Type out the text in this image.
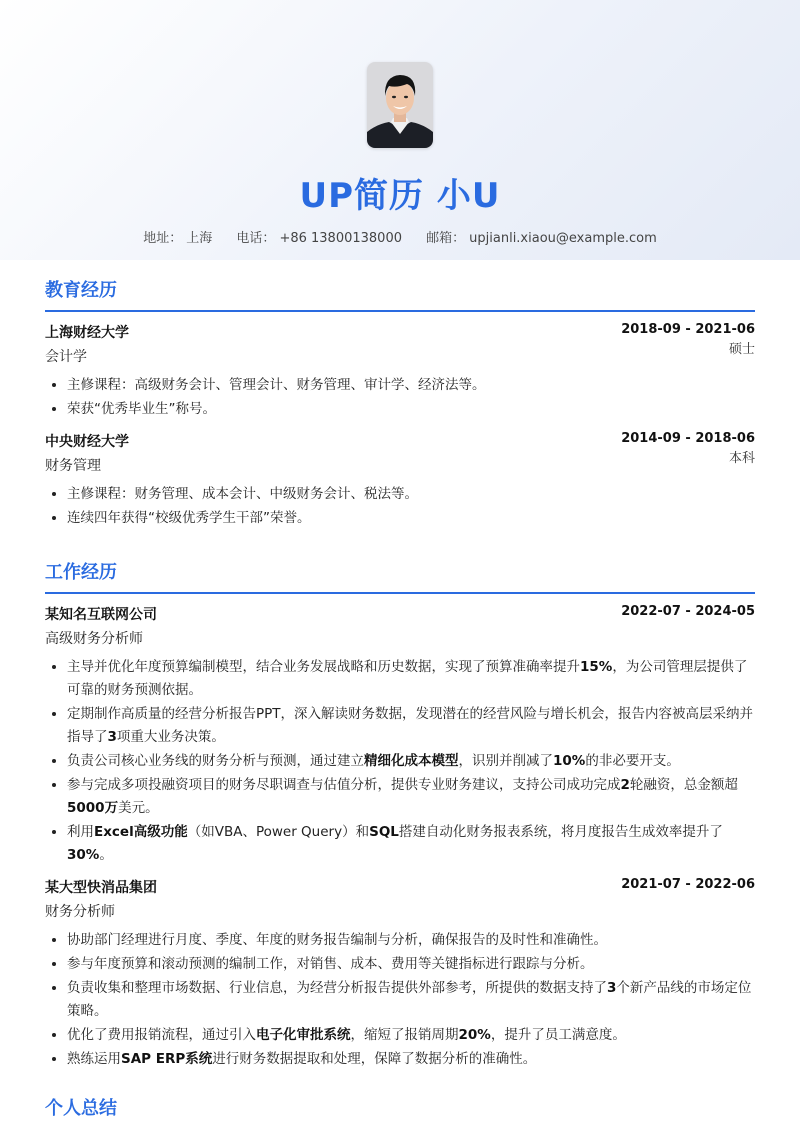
UP简历 小U
地址： 上海 电话： +86 13800138000 邮箱： upjianli.xiaou@example.com
教育经历
上海财经大学	2018-09 - 2021-06
会计学	硕士
• 主修课程：高级财务会计、管理会计、财务管理、审计学、经济法等。
• 荣获“优秀毕业生”称号。
中央财经大学	2014-09 - 2018-06
财务管理	本科
• 主修课程：财务管理、成本会计、中级财务会计、税法等。
• 连续四年获得“校级优秀学生干部”荣誉。
工作经历
某知名互联网公司	2022-07 - 2024-05
高级财务分析师
• 主导并优化年度预算编制模型，结合业务发展战略和历史数据，实现了预算准确率提升15%，为公司管理层提供了可靠的财务预测依据。
• 定期制作高质量的经营分析报告PPT，深入解读财务数据，发现潜在的经营风险与增长机会，报告内容被高层采纳并指导了3项重大业务决策。
• 负责公司核心业务线的财务分析与预测，通过建立精细化成本模型，识别并削减了10%的非必要开支。
• 参与完成多项投融资项目的财务尽职调查与估值分析，提供专业财务建议，支持公司成功完成2轮融资，总金额超5000万美元。
• 利用Excel高级功能（如VBA、Power Query）和SQL搭建自动化财务报表系统，将月度报告生成效率提升了30%。
某大型快消品集团	2021-07 - 2022-06
财务分析师
• 协助部门经理进行月度、季度、年度的财务报告编制与分析，确保报告的及时性和准确性。
• 参与年度预算和滚动预测的编制工作，对销售、成本、费用等关键指标进行跟踪与分析。
• 负责收集和整理市场数据、行业信息，为经营分析报告提供外部参考，所提供的数据支持了3个新产品线的市场定位策略。
• 优化了费用报销流程，通过引入电子化审批系统，缩短了报销周期20%，提升了员工满意度。
• 熟练运用SAP ERP系统进行财务数据提取和处理，保障了数据分析的准确性。
个人总结
